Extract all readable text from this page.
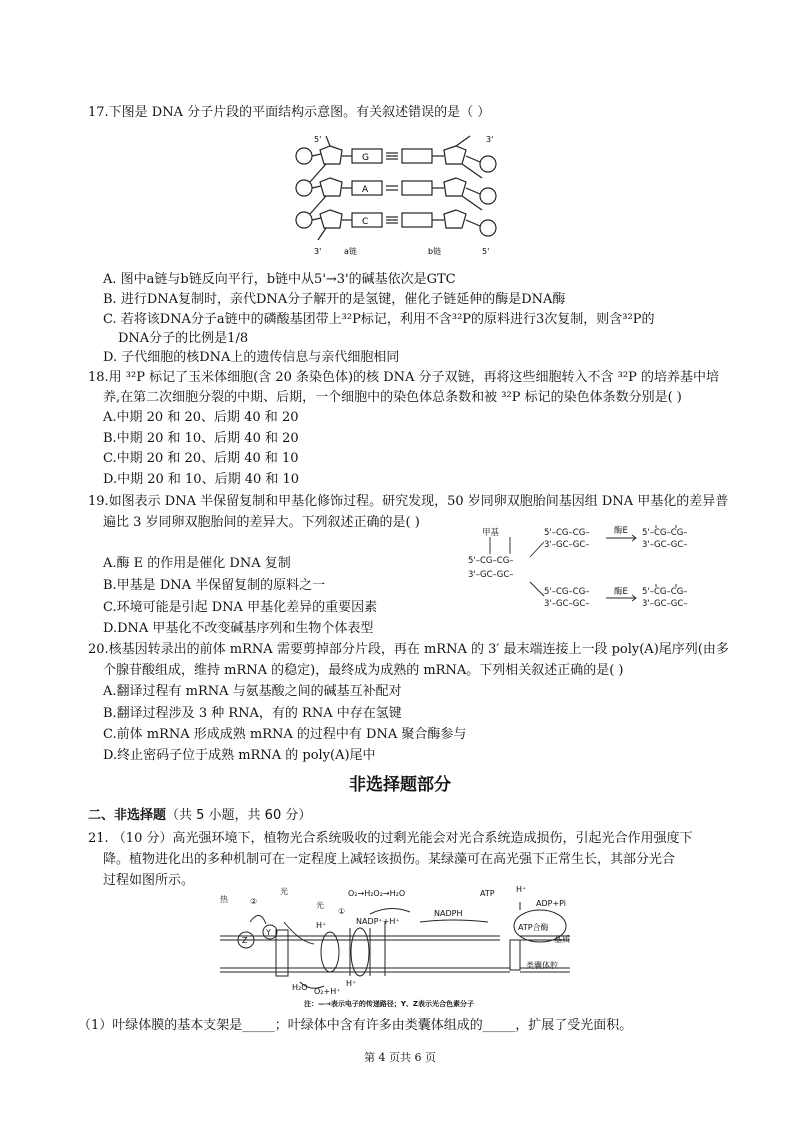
17.下图是 DNA 分子片段的平面结构示意图。有关叙述错误的是（ ）
5'	3'
3'	a链	b链	5'
G
A
C
A. 图中a链与b链反向平行，b链中从5'→3'的碱基依次是GTC
B. 进行DNA复制时，亲代DNA分子解开的是氢键，催化子链延伸的酶是DNA酶
C. 若将该DNA分子a链中的磷酸基团带上³²P标记，利用不含³²P的原料进行3次复制，则含³²P的
DNA分子的比例是1/8
D. 子代细胞的核DNA上的遗传信息与亲代细胞相同
18.用 ³²P 标记了玉米体细胞(含 20 条染色体)的核 DNA 分子双链，再将这些细胞转入不含 ³²P 的培养基中培
养,在第二次细胞分裂的中期、后期，一个细胞中的染色体总条数和被 ³²P 标记的染色体条数分别是( )
A.中期 20 和 20、后期 40 和 20
B.中期 20 和 10、后期 40 和 20
C.中期 20 和 20、后期 40 和 10
D.中期 20 和 10、后期 40 和 10
19.如图表示 DNA 半保留复制和甲基化修饰过程。研究发现，50 岁同卵双胞胎间基因组 DNA 甲基化的差异普
遍比 3 岁同卵双胞胎间的差异大。下列叙述正确的是( )
A.酶 E 的作用是催化 DNA 复制
B.甲基是 DNA 半保留复制的原料之一
C.环境可能是引起 DNA 甲基化差异的重要因素
D.DNA 甲基化不改变碱基序列和生物个体表型
甲基
5'–CG–CG–
3'–GC–GC–
5'–CG–CG–
3'–GC–GC–
酶E 5'–CG–CG–
3'–GC–GC–
5'–CG–CG–
3'–GC–GC–
酶E 5'–CG–CG–
3'–GC–GC–
20.核基因转录出的前体 mRNA 需要剪掉部分片段，再在 mRNA 的 3′ 最末端连接上一段 poly(A)尾序列(由多
个腺苷酸组成，维持 mRNA 的稳定)，最终成为成熟的 mRNA。下列相关叙述正确的是( )
A.翻译过程有 mRNA 与氨基酸之间的碱基互补配对
B.翻译过程涉及 3 种 RNA，有的 RNA 中存在氢键
C.前体 mRNA 形成成熟 mRNA 的过程中有 DNA 聚合酶参与
D.终止密码子位于成熟 mRNA 的 poly(A)尾中
非选择题部分
二、非选择题（共 5 小题，共 60 分）
21. （10 分）高光强环境下，植物光合系统吸收的过剩光能会对光合系统造成损伤，引起光合作用强度下
降。植物进化出的多种机制可在一定程度上减轻该损伤。某绿藻可在高光强下正常生长，其部分光合
过程如图所示。
热	②
光
光
Z
Y
O₂→H₂O₂→H₂O
①
NADP⁺+H⁺
NADPH
H⁺
H⁺
ATP	H⁺
ADP+Pi
ATP合酶
基质
类囊体腔
H₂O O₂+H⁺
注：—→表示电子的传递路径；Y、Z表示光合色素分子
（1）叶绿体膜的基本支架是_____；叶绿体中含有许多由类囊体组成的_____，扩展了受光面积。
第 4 页共 6 页
